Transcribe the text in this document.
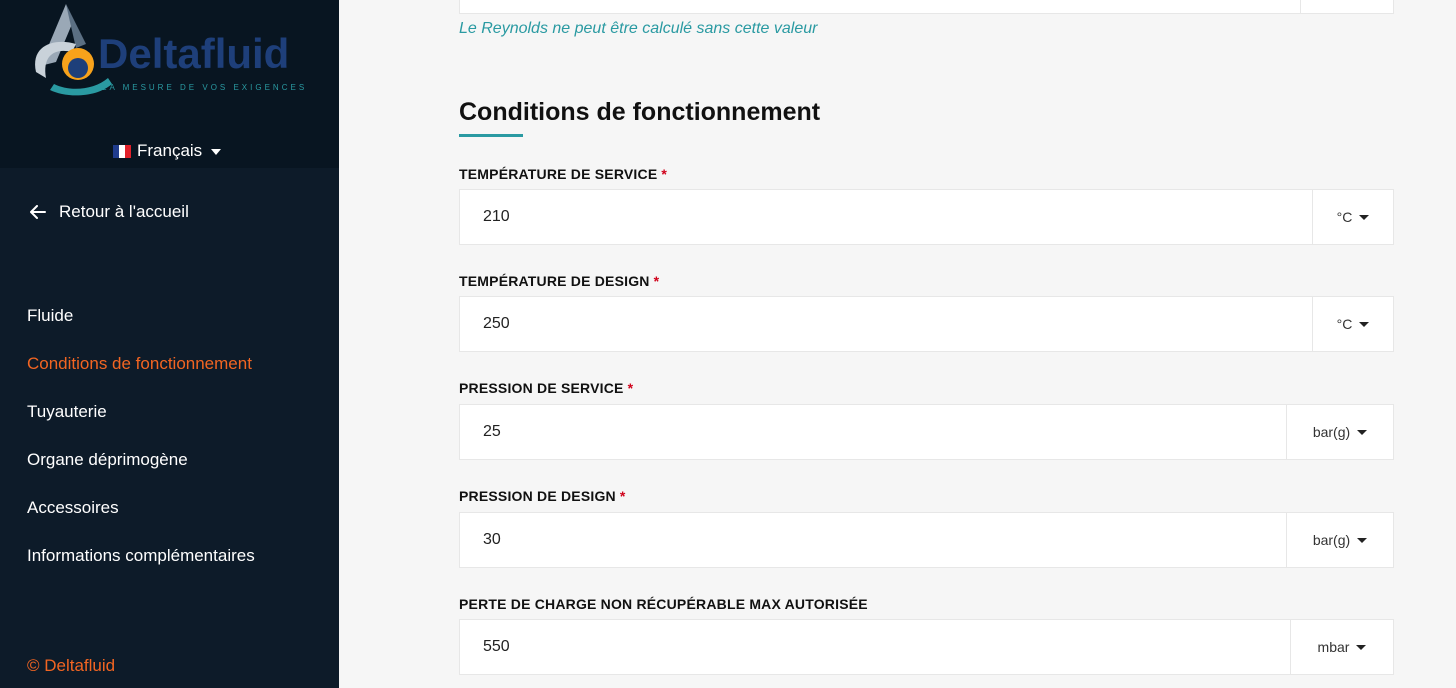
Deltafluid
LA MESURE DE VOS EXIGENCES
Français
Retour à l'accueil
Fluide
Conditions de fonctionnement
Tuyauterie
Organe déprimogène
Accessoires
Informations complémentaires
© Deltafluid
Le Reynolds ne peut être calculé sans cette valeur
Conditions de fonctionnement
TEMPÉRATURE DE SERVICE *
210
°C
TEMPÉRATURE DE DESIGN *
250
°C
PRESSION DE SERVICE *
25
bar(g)
PRESSION DE DESIGN *
30
bar(g)
PERTE DE CHARGE NON RÉCUPÉRABLE MAX AUTORISÉE
550
mbar
